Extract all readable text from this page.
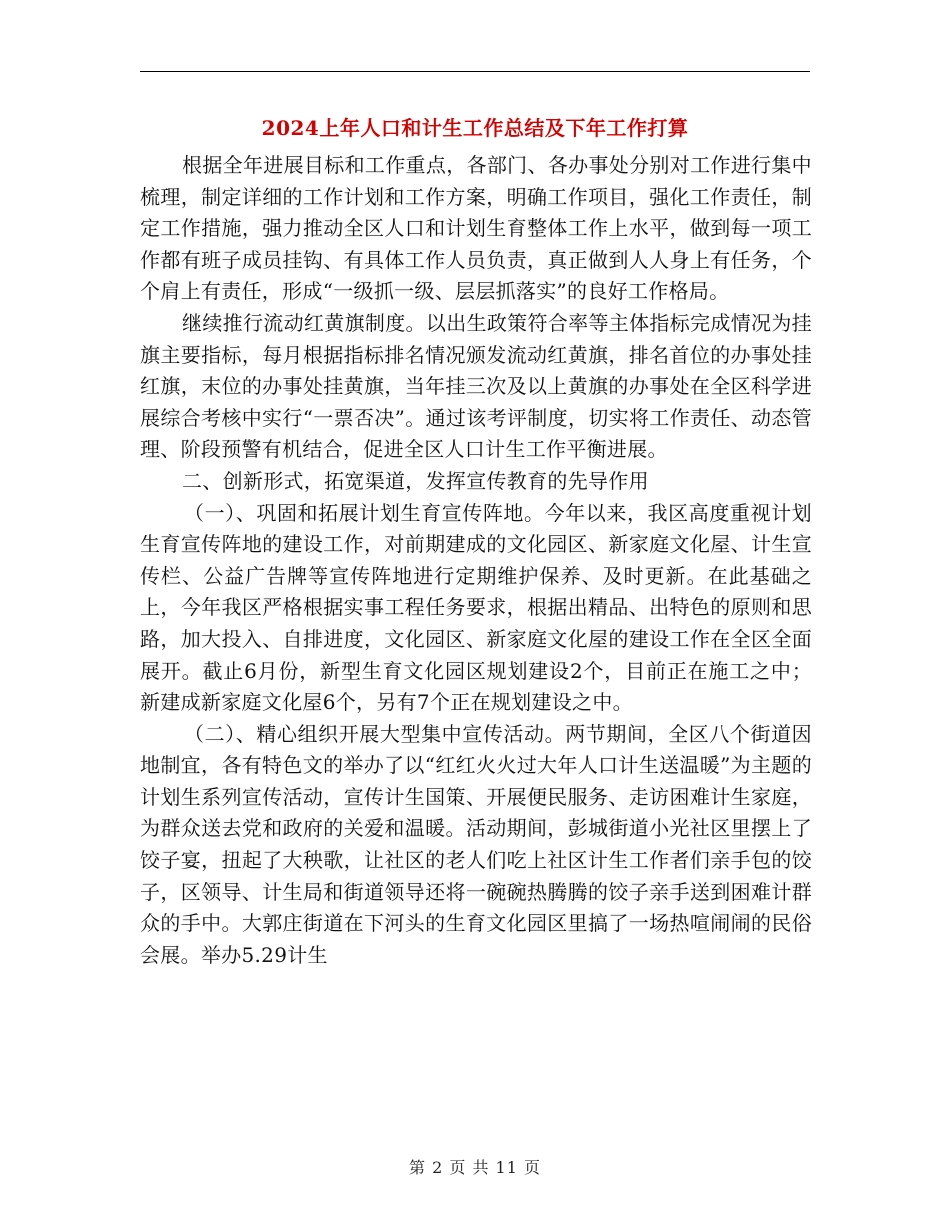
2024上年人口和计生工作总结及下年工作打算

根据全年进展目标和工作重点，各部门、各办事处分别对工作进行集中梳理，制定详细的工作计划和工作方案，明确工作项目，强化工作责任，制定工作措施，强力推动全区人口和计划生育整体工作上水平，做到每一项工作都有班子成员挂钩、有具体工作人员负责，真正做到人人身上有任务，个个肩上有责任，形成“一级抓一级、层层抓落实”的良好工作格局。

继续推行流动红黄旗制度。以出生政策符合率等主体指标完成情况为挂旗主要指标，每月根据指标排名情况颁发流动红黄旗，排名首位的办事处挂红旗，末位的办事处挂黄旗，当年挂三次及以上黄旗的办事处在全区科学进展综合考核中实行“一票否决”。通过该考评制度，切实将工作责任、动态管理、阶段预警有机结合，促进全区人口计生工作平衡进展。

二、创新形式，拓宽渠道，发挥宣传教育的先导作用

（一）、巩固和拓展计划生育宣传阵地。今年以来，我区高度重视计划生育宣传阵地的建设工作，对前期建成的文化园区、新家庭文化屋、计生宣传栏、公益广告牌等宣传阵地进行定期维护保养、及时更新。在此基础之上，今年我区严格根据实事工程任务要求，根据出精品、出特色的原则和思路，加大投入、自排进度，文化园区、新家庭文化屋的建设工作在全区全面展开。截止6月份，新型生育文化园区规划建设2个，目前正在施工之中；新建成新家庭文化屋6个，另有7个正在规划建设之中。

（二）、精心组织开展大型集中宣传活动。两节期间，全区八个街道因地制宜，各有特色文的举办了以“红红火火过大年人口计生送温暖”为主题的计划生系列宣传活动，宣传计生国策、开展便民服务、走访困难计生家庭，为群众送去党和政府的关爱和温暖。活动期间，彭城街道小光社区里摆上了饺子宴，扭起了大秧歌，让社区的老人们吃上社区计生工作者们亲手包的饺子，区领导、计生局和街道领导还将一碗碗热腾腾的饺子亲手送到困难计群众的手中。大郭庄街道在下河头的生育文化园区里搞了一场热喧闹闹的民俗会展。举办5.29计生

第 2 页 共 11 页
